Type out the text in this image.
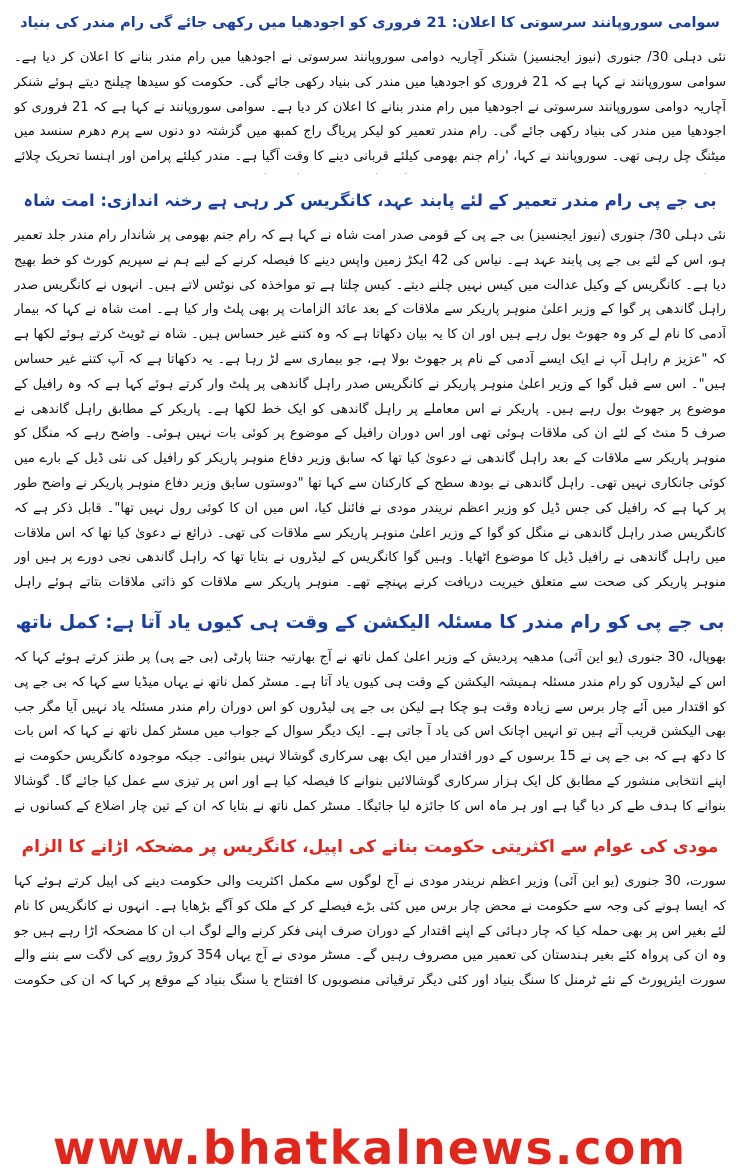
سوامی سوروپانند سرسوتی کا اعلان: 21 فروری کو اجودھیا میں رکھی جائے گی رام مندر کی بنیاد

نئی دہلی 30/ جنوری (نیوز ایجنسیز) شنکر آچاریہ دوامی سوروپانند سرسوتی نے اجودھیا میں رام مندر بنانے کا اعلان کر دیا ہے۔ سوامی سوروپانند نے کہا ہے کہ 21 فروری کو اجودھیا میں مندر کی بنیاد رکھی جائے گی۔ حکومت کو سیدھا چیلنج دیتے ہوئے شنکر آچاریہ دوامی سوروپانند سرسوتی نے اجودھیا میں رام مندر بنانے کا اعلان کر دیا ہے۔ سوامی سوروپانند نے کہا ہے کہ 21 فروری کو اجودھیا میں مندر کی بنیاد رکھی جائے گی۔ رام مندر تعمیر کو لیکر پریاگ راج کمبھ میں گزشتہ دو دنوں سے پرم دھرم سنسد میں میٹنگ چل رہی تھی۔ سوروپانند نے کہا، 'رام جنم بھومی کیلئے قربانی دینے کا وقت آگیا ہے۔ مندر کیلئے پرامن اور اہنسا تحریک چلائے

بی جے پی رام مندر تعمیر کے لئے پابند عہد، کانگریس کر رہی ہے رخنہ اندازی: امت شاہ

نئی دہلی 30/ جنوری (نیوز ایجنسیز) بی جے پی کے قومی صدر امت شاہ نے کہا ہے کہ رام جنم بھومی پر شاندار رام مندر جلد تعمیر ہو، اس کے لئے بی جے پی پابند عہد ہے۔ نیاس کی 42 ایکڑ زمین واپس دینے کا فیصلہ کرنے کے لیے ہم نے سپریم کورٹ کو خط بھیج دیا ہے۔ کانگریس کے وکیل عدالت میں کیس نہیں چلنے دیتے۔ کیس چلتا ہے تو مواخذہ کی نوٹس لاتے ہیں۔ انہوں نے کانگریس صدر راہل گاندھی پر گوا کے وزیر اعلیٰ منوہر پاریکر سے ملاقات کے بعد عائد الزامات پر بھی پلٹ وار کیا ہے۔ امت شاہ نے کہا کہ بیمار آدمی کا نام لے کر وہ جھوٹ بول رہے ہیں اور ان کا یہ بیان دکھاتا ہے کہ وہ کتنے غیر حساس ہیں۔ شاہ نے ٹویٹ کرتے ہوئے لکھا ہے کہ "عزیز م راہل آپ نے ایک ایسے آدمی کے نام پر جھوٹ بولا ہے، جو بیماری سے لڑ رہا ہے۔ یہ دکھاتا ہے کہ آپ کتنے غیر حساس ہیں"۔ اس سے قبل گوا کے وزیر اعلیٰ منوہر پاریکر نے کانگریس صدر راہل گاندھی پر پلٹ وار کرتے ہوئے کہا ہے کہ وہ رافیل کے موضوع پر جھوٹ بول رہے ہیں۔ پاریکر نے اس معاملے پر راہل گاندھی کو ایک خط لکھا ہے۔ پاریکر کے مطابق راہل گاندھی نے صرف 5 منٹ کے لئے ان کی ملاقات ہوئی تھی اور اس دوران رافیل کے موضوع پر کوئی بات نہیں ہوئی۔ واضح رہے کہ منگل کو منوہر پاریکر سے ملاقات کے بعد راہل گاندھی نے دعویٰ کیا تھا کہ سابق وزیر دفاع منوہر پاریکر کو رافیل کی نئی ڈیل کے بارے میں کوئی جانکاری نہیں تھی۔ راہل گاندھی نے بودھ سطح کے کارکنان سے کہا تھا "دوستوں سابق وزیر دفاع منوہر پاریکر نے واضح طور پر کہا ہے کہ رافیل کی جس ڈیل کو وزیر اعظم نریندر مودی نے فائنل کیا، اس میں ان کا کوئی رول نہیں تھا"۔ قابل ذکر ہے کہ کانگریس صدر راہل گاندھی نے منگل کو گوا کے وزیر اعلیٰ منوہر پاریکر سے ملاقات کی تھی۔ ذرائع نے دعویٰ کیا تھا کہ اس ملاقات میں راہل گاندھی نے رافیل ڈیل کا موضوع اٹھایا۔ وہیں گوا کانگریس کے لیڈروں نے بتایا تھا کہ راہل گاندھی نجی دورے پر ہیں اور منوہر پاریکر کی صحت سے متعلق خیریت دریافت کرنے پہنچے تھے۔ منوہر پاریکر سے ملاقات کو ذاتی ملاقات بتاتے ہوئے راہل

بی جے پی کو رام مندر کا مسئلہ الیکشن کے وقت ہی کیوں یاد آتا ہے: کمل ناتھ

بھوپال، 30 جنوری (یو این آئی) مدھیہ پردیش کے وزیر اعلیٰ کمل ناتھ نے آج بھارتیہ جنتا پارٹی (بی جے پی) پر طنز کرتے ہوئے کہا کہ اس کے لیڈروں کو رام مندر مسئلہ ہمیشہ الیکشن کے وقت ہی کیوں یاد آتا ہے۔ مسٹر کمل ناتھ نے یہاں میڈیا سے کہا کہ بی جے پی کو اقتدار میں آئے چار برس سے زیادہ وقت ہو چکا ہے لیکن بی جے پی لیڈروں کو اس دوران رام مندر مسئلہ یاد نہیں آیا مگر جب بھی الیکشن قریب آتے ہیں تو انہیں اچانک اس کی یاد آ جاتی ہے۔ ایک دیگر سوال کے جواب میں مسٹر کمل ناتھ نے کہا کہ اس بات کا دکھ ہے کہ بی جے پی نے 15 برسوں کے دور اقتدار میں ایک بھی سرکاری گوشالا نہیں بنوائی۔ جبکہ موجودہ کانگریس حکومت نے اپنے انتخابی منشور کے مطابق کل ایک ہزار سرکاری گوشالائیں بنوانے کا فیصلہ کیا ہے اور اس پر تیزی سے عمل کیا جائے گا۔ گوشالا بنوانے کا ہدف طے کر دیا گیا ہے اور ہر ماہ اس کا جائزہ لیا جائیگا۔ مسٹر کمل ناتھ نے بتایا کہ ان کے تین چار اضلاع کے کسانوں نے

مودی کی عوام سے اکثریتی حکومت بنانے کی اپیل، کانگریس پر مضحکہ اڑانے کا الزام

سورت، 30 جنوری (یو این آئی) وزیر اعظم نریندر مودی نے آج لوگوں سے مکمل اکثریت والی حکومت دینے کی اپیل کرتے ہوئے کہا کہ ایسا ہونے کی وجہ سے حکومت نے محض چار برس میں کئی بڑے فیصلے کر کے ملک کو آگے بڑھایا ہے۔ انہوں نے کانگریس کا نام لئے بغیر اس پر بھی حملہ کیا کہ چار دہائی کے اپنے اقتدار کے دوران صرف اپنی فکر کرنے والے لوگ اب ان کا مضحکہ اڑا رہے ہیں جو وہ ان کی پرواہ کئے بغیر ہندستان کی تعمیر میں مصروف رہیں گے۔ مسٹر مودی نے آج یہاں 354 کروڑ روپے کی لاگت سے بننے والے سورت ایئرپورٹ کے نئے ٹرمنل کا سنگ بنیاد اور کئی دیگر ترقیاتی منصوبوں کا افتتاح یا سنگ بنیاد کے موقع پر کہا کہ ان کی حکومت

www.bhatkalnews.com
